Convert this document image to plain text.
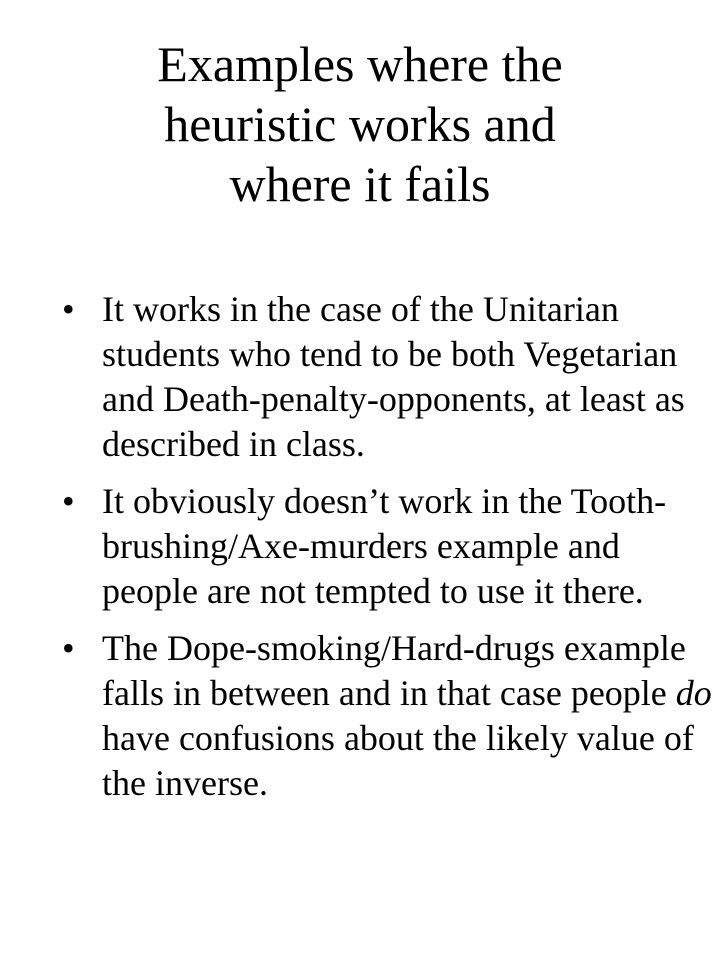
Examples where the
heuristic works and
where it fails
• It works in the case of the Unitarian students who tend to be both Vegetarian and Death-penalty-opponents, at least as described in class.
• It obviously doesn’t work in the Tooth-brushing/Axe-murders example and people are not tempted to use it there.
• The Dope-smoking/Hard-drugs example falls in between and in that case people do have confusions about the likely value of the inverse.
